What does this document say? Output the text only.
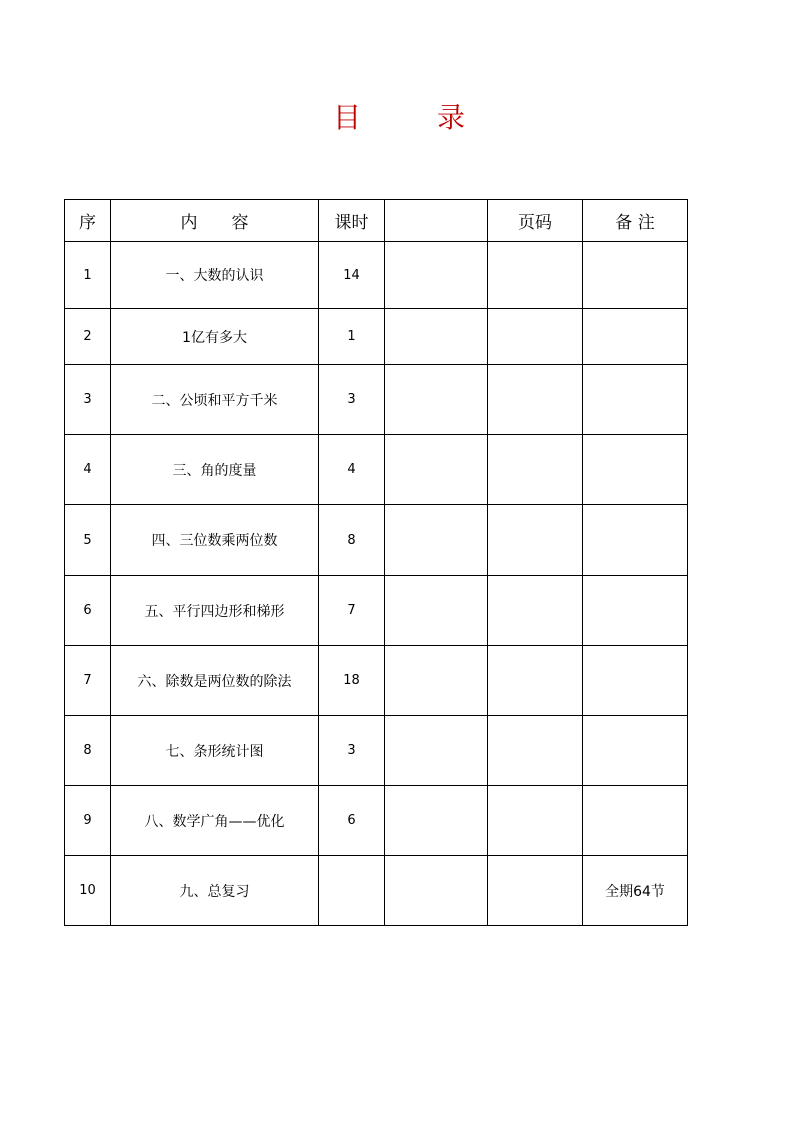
目	录
序	内　　容	课时		页码	备 注
1	一、大数的认识	14			
2	1亿有多大	1			
3	二、公顷和平方千米	3			
4	三、角的度量	4			
5	四、三位数乘两位数	8			
6	五、平行四边形和梯形	7			
7	六、除数是两位数的除法	18			
8	七、条形统计图	3			
9	八、数学广角——优化	6			
10	九、总复习				全期64节
